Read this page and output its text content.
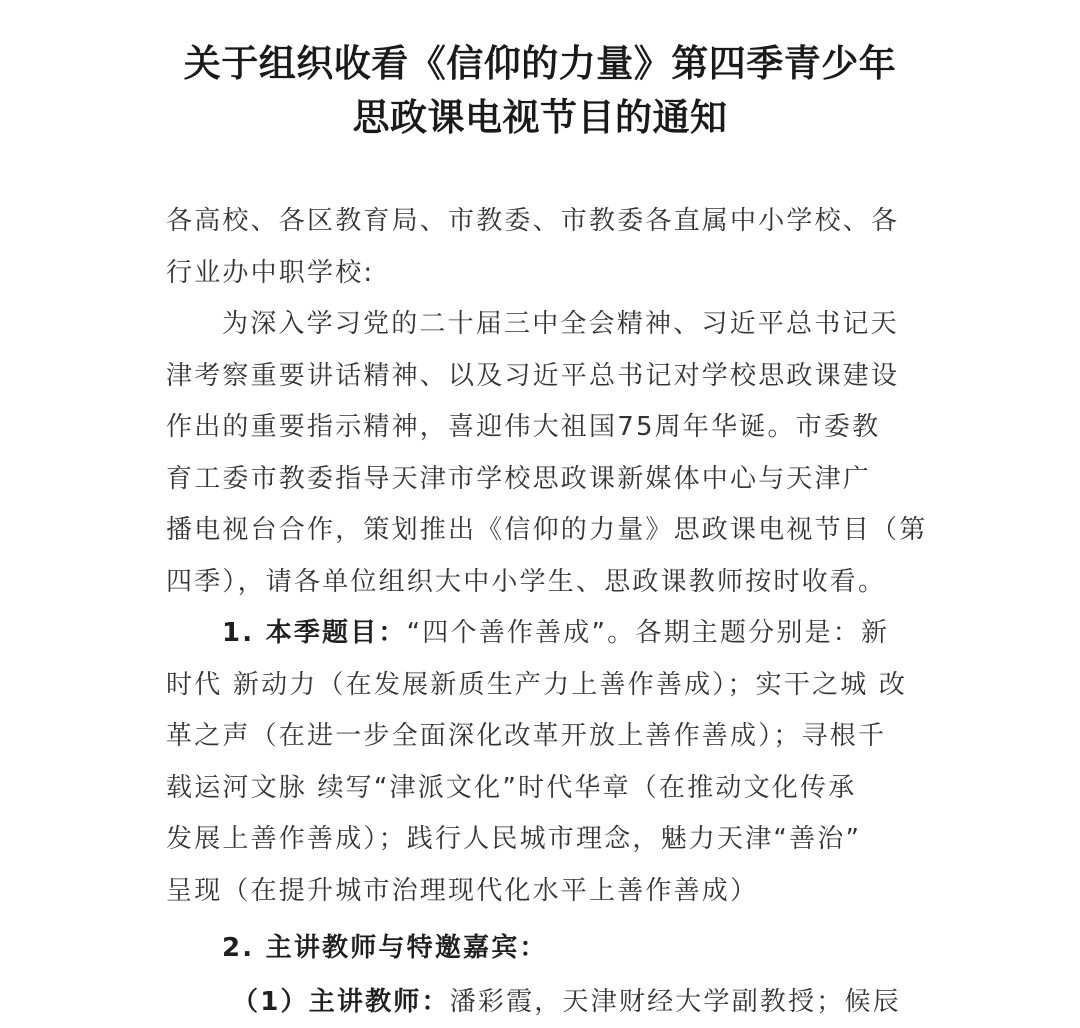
关于组织收看《信仰的力量》第四季青少年
思政课电视节目的通知
各高校、各区教育局、市教委、市教委各直属中小学校、各
行业办中职学校:
为深入学习党的二十届三中全会精神、习近平总书记天
津考察重要讲话精神、以及习近平总书记对学校思政课建设
作出的重要指示精神，喜迎伟大祖国75周年华诞。市委教
育工委市教委指导天津市学校思政课新媒体中心与天津广
播电视台合作，策划推出《信仰的力量》思政课电视节目（第
四季），请各单位组织大中小学生、思政课教师按时收看。
1. 本季题目：“四个善作善成”。各期主题分别是：新
时代 新动力（在发展新质生产力上善作善成）；实干之城 改
革之声（在进一步全面深化改革开放上善作善成）；寻根千
载运河文脉 续写“津派文化”时代华章（在推动文化传承
发展上善作善成）；践行人民城市理念，魅力天津“善治”
呈现（在提升城市治理现代化水平上善作善成）
2. 主讲教师与特邀嘉宾：
（1）主讲教师：潘彩霞，天津财经大学副教授；候辰
